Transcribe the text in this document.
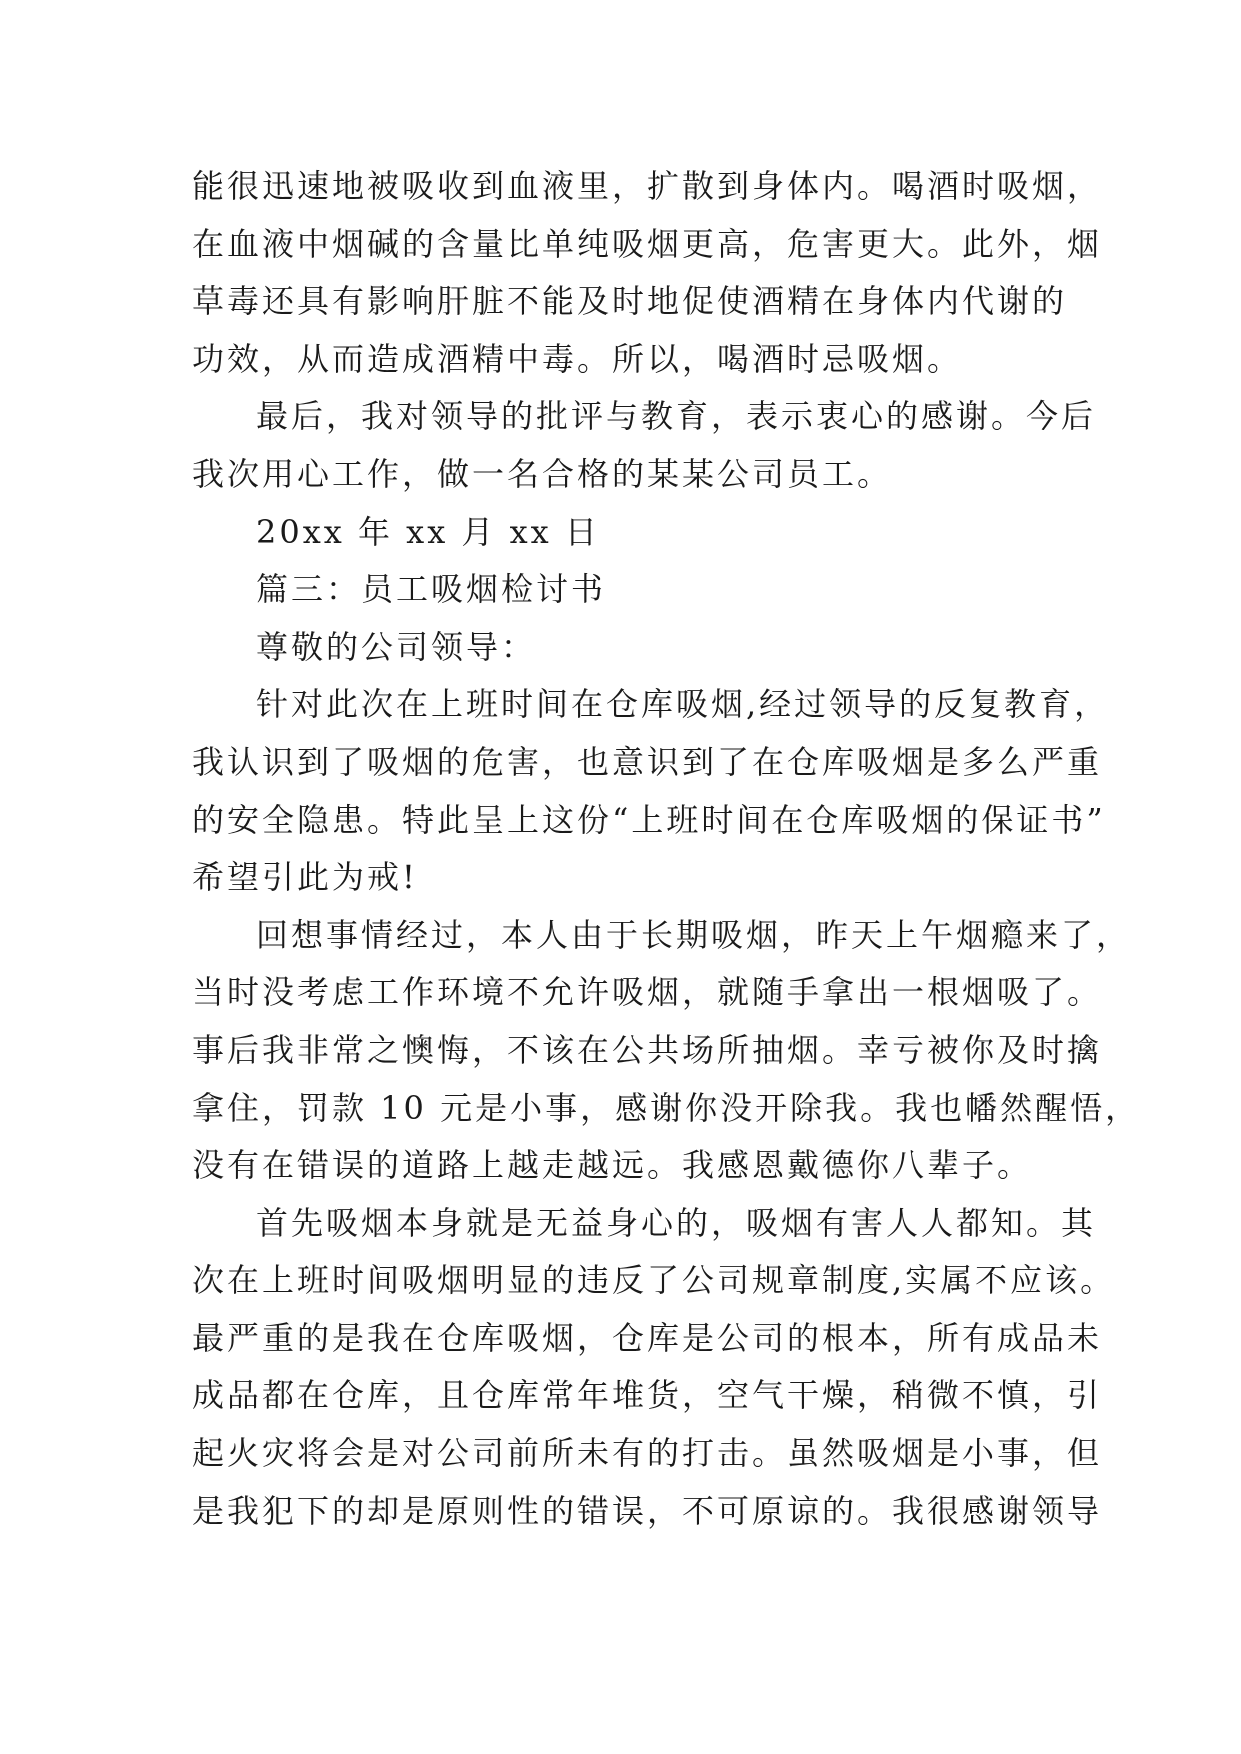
能很迅速地被吸收到血液里，扩散到身体内。喝酒时吸烟，
在血液中烟碱的含量比单纯吸烟更高，危害更大。此外，烟
草毒还具有影响肝脏不能及时地促使酒精在身体内代谢的
功效，从而造成酒精中毒。所以，喝酒时忌吸烟。
最后，我对领导的批评与教育，表示衷心的感谢。今后
我次用心工作，做一名合格的某某公司员工。
20xx 年 xx 月 xx 日
篇三：员工吸烟检讨书
尊敬的公司领导：
针对此次在上班时间在仓库吸烟,经过领导的反复教育，
我认识到了吸烟的危害，也意识到了在仓库吸烟是多么严重
的安全隐患。特此呈上这份“上班时间在仓库吸烟的保证书”
希望引此为戒!
回想事情经过，本人由于长期吸烟，昨天上午烟瘾来了，
当时没考虑工作环境不允许吸烟，就随手拿出一根烟吸了。
事后我非常之懊悔，不该在公共场所抽烟。幸亏被你及时擒
拿住，罚款 10 元是小事，感谢你没开除我。我也幡然醒悟，
没有在错误的道路上越走越远。我感恩戴德你八辈子。
首先吸烟本身就是无益身心的，吸烟有害人人都知。其
次在上班时间吸烟明显的违反了公司规章制度,实属不应该。
最严重的是我在仓库吸烟，仓库是公司的根本，所有成品未
成品都在仓库，且仓库常年堆货，空气干燥，稍微不慎，引
起火灾将会是对公司前所未有的打击。虽然吸烟是小事，但
是我犯下的却是原则性的错误，不可原谅的。我很感谢领导
